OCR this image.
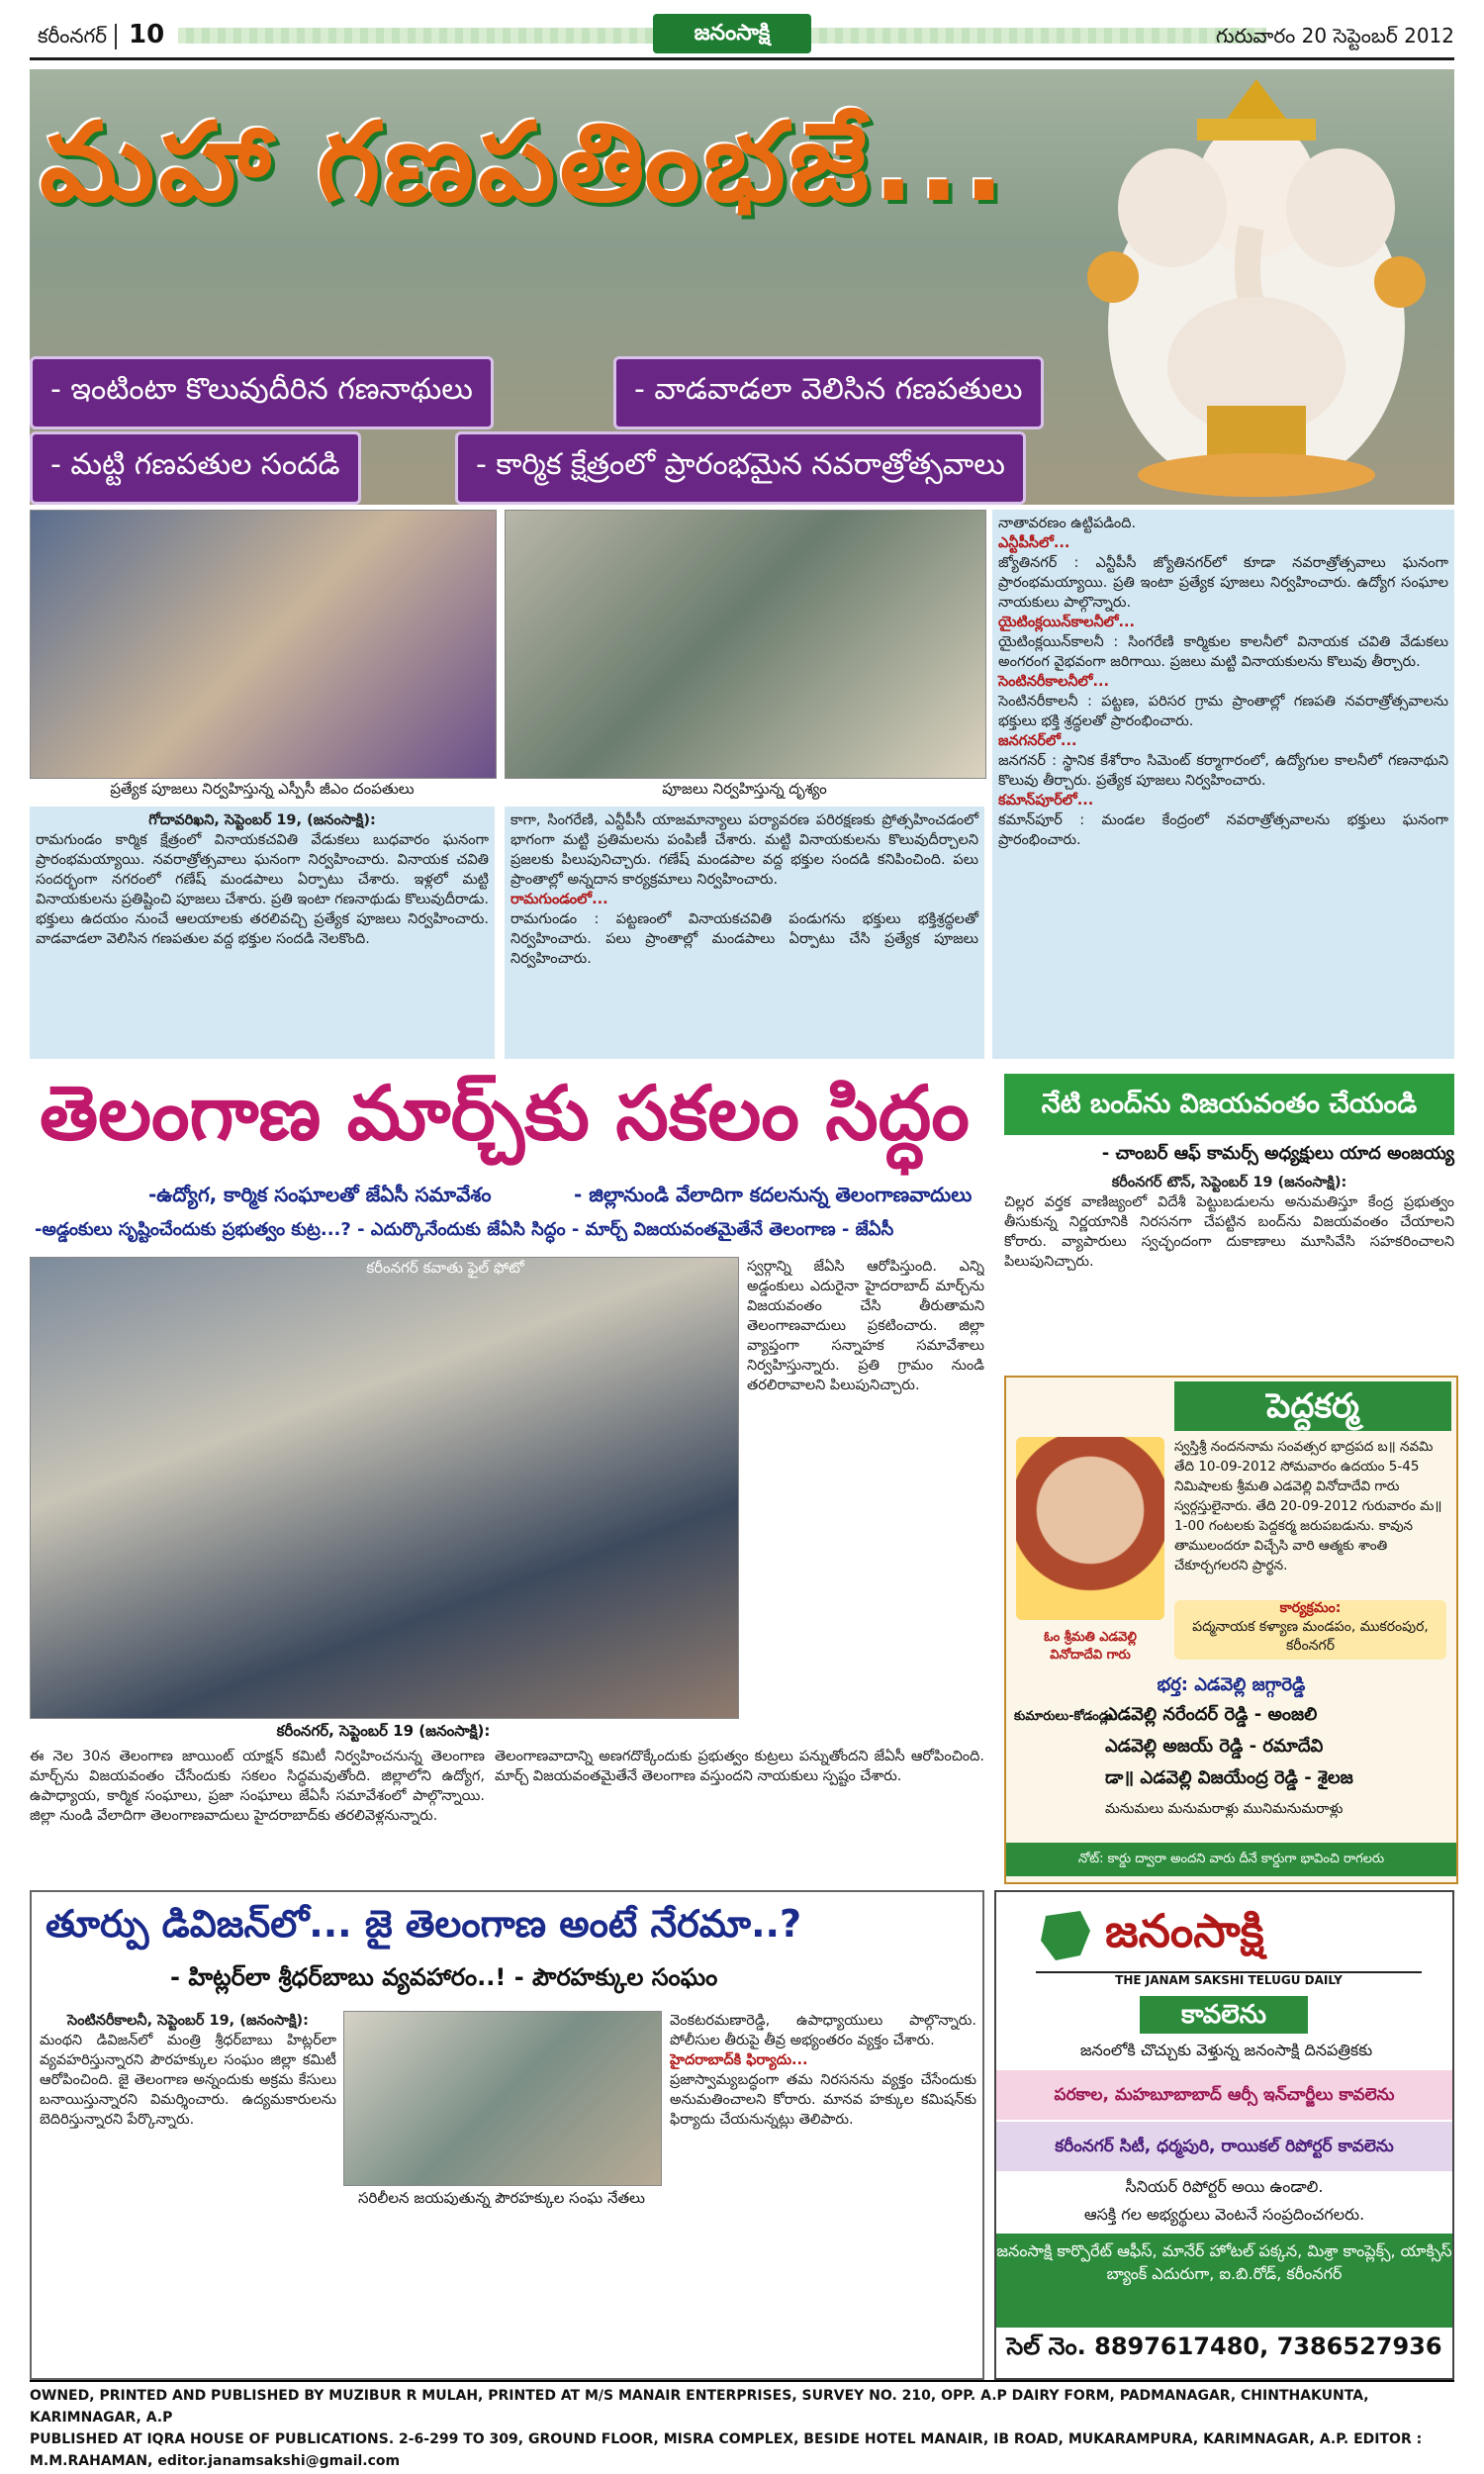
కరీంనగర్ 10	జనంసాక్షి	గురువారం 20 సెప్టెంబర్ 2012
మహా గణపతింభజే...
- ఇంటింటా కొలువుదీరిన గణనాథులు	- వాడవాడలా వెలిసిన గణపతులు
- మట్టి గణపతుల సందడి	- కార్మిక క్షేత్రంలో ప్రారంభమైన నవరాత్రోత్సవాలు
ప్రత్యేక పూజలు నిర్వహిస్తున్న ఎస్పీసీ జీఎం దంపతులు	పూజలు నిర్వహిస్తున్న దృశ్యం
గోదావరిఖని, సెప్టెంబర్ 19, (జనంసాక్షి):
రామగుండం కార్మిక క్షేత్రంలో వినాయకచవితి వేడుకలు బుధవారం ఘనంగా ప్రారంభమయ్యాయి. నవరాత్రోత్సవాలు ఘనంగా నిర్వహించారు. వినాయక చవితి సందర్భంగా నగరంలో గణేష్ మండపాలు ఏర్పాటు చేశారు. ఇళ్లలో మట్టి వినాయకులను ప్రతిష్టించి పూజలు చేశారు. ప్రతి ఇంటా గణనాథుడు కొలువుదీరాడు. భక్తులు ఉదయం నుంచే ఆలయాలకు తరలివచ్చి ప్రత్యేక పూజలు నిర్వహించారు. వాడవాడలా వెలిసిన గణపతుల వద్ద భక్తుల సందడి నెలకొంది.
కాగా, సింగరేణి, ఎన్టీపీసీ యాజమాన్యాలు పర్యావరణ పరిరక్షణకు ప్రోత్సహించడంలో భాగంగా మట్టి ప్రతిమలను పంపిణీ చేశారు. మట్టి వినాయకులను కొలువుదీర్చాలని ప్రజలకు పిలుపునిచ్చారు. గణేష్ మండపాల వద్ద భక్తుల సందడి కనిపించింది. పలు ప్రాంతాల్లో అన్నదాన కార్యక్రమాలు నిర్వహించారు.
రామగుండంలో...
రామగుండం : పట్టణంలో వినాయకచవితి పండుగను భక్తులు భక్తిశ్రద్ధలతో నిర్వహించారు. పలు ప్రాంతాల్లో మండపాలు ఏర్పాటు చేసి ప్రత్యేక పూజలు నిర్వహించారు.
నాతావరణం ఉట్టిపడింది.
ఎన్టీపీసీలో...
జ్యోతినగర్ : ఎన్టీపీసీ జ్యోతినగర్‌లో కూడా నవరాత్రోత్సవాలు ఘనంగా ప్రారంభమయ్యాయి. ప్రతి ఇంటా ప్రత్యేక పూజలు నిర్వహించారు. ఉద్యోగ సంఘాల నాయకులు పాల్గొన్నారు.
యైటింక్లయిన్‌కాలనీలో...
యైటింక్లయిన్‌కాలనీ : సింగరేణి కార్మికుల కాలనీలో వినాయక చవితి వేడుకలు అంగరంగ వైభవంగా జరిగాయి. ప్రజలు మట్టి వినాయకులను కొలువు తీర్చారు.
సెంటినరీకాలనీలో...
సెంటినరీకాలనీ : పట్టణ, పరిసర గ్రామ ప్రాంతాల్లో గణపతి నవరాత్రోత్సవాలను భక్తులు భక్తి శ్రద్ధలతో ప్రారంభించారు.
జనగనర్‌లో...
జనగనర్ : స్థానిక కేశోరాం సిమెంట్ కర్మాగారంలో, ఉద్యోగుల కాలనీలో గణనాథుని కొలువు తీర్చారు. ప్రత్యేక పూజలు నిర్వహించారు.
కమాన్‌పూర్‌లో...
కమాన్‌పూర్ : మండల కేంద్రంలో నవరాత్రోత్సవాలను భక్తులు ఘనంగా ప్రారంభించారు.
తెలంగాణ మార్చ్‌కు సకలం సిద్ధం
-ఉద్యోగ, కార్మిక సంఘాలతో జేఏసీ సమావేశం	- జిల్లానుండి వేలాదిగా కదలనున్న తెలంగాణవాదులు
-అడ్డంకులు సృష్టించేందుకు ప్రభుత్వం కుట్ర...? - ఎదుర్కొనేందుకు జేఏసి సిద్ధం - మార్చ్ విజయవంతమైతేనే తెలంగాణ - జేఏసీ
కరీంనగర్ కవాతు ఫైల్ ఫోటో	స్వర్గాన్ని జేఏసి ఆరోపిస్తుంది. ఎన్ని అడ్డంకులు ఎదురైనా హైదరాబాద్ మార్చ్‌ను విజయవంతం చేసి తీరుతామని తెలంగాణవాదులు ప్రకటించారు. జిల్లా వ్యాప్తంగా సన్నాహక సమావేశాలు నిర్వహిస్తున్నారు. ప్రతి గ్రామం నుండి తరలిరావాలని పిలుపునిచ్చారు.
కరీంనగర్, సెప్టెంబర్ 19 (జనంసాక్షి):
ఈ నెల 30న తెలంగాణ జాయింట్ యాక్షన్ కమిటీ నిర్వహించనున్న తెలంగాణ మార్చ్‌ను విజయవంతం చేసేందుకు సకలం సిద్ధమవుతోంది. జిల్లాలోని ఉద్యోగ, ఉపాధ్యాయ, కార్మిక సంఘాలు, ప్రజా సంఘాలు జేఏసీ సమావేశంలో పాల్గొన్నాయి. జిల్లా నుండి వేలాదిగా తెలంగాణవాదులు హైదరాబాద్‌కు తరలివెళ్లనున్నారు.
తెలంగాణవాదాన్ని అణగదొక్కేందుకు ప్రభుత్వం కుట్రలు పన్నుతోందని జేఏసీ ఆరోపించింది. మార్చ్ విజయవంతమైతేనే తెలంగాణ వస్తుందని నాయకులు స్పష్టం చేశారు.
నేటి బంద్‌ను విజయవంతం చేయండి
- చాంబర్ ఆఫ్ కామర్స్ అధ్యక్షులు యాద అంజయ్య
కరీంనగర్ టౌన్, సెప్టెంబర్ 19 (జనంసాక్షి):
చిల్లర వర్తక వాణిజ్యంలో విదేశీ పెట్టుబడులను అనుమతిస్తూ కేంద్ర ప్రభుత్వం తీసుకున్న నిర్ణయానికి నిరసనగా చేపట్టిన బంద్‌ను విజయవంతం చేయాలని కోరారు. వ్యాపారులు స్వచ్ఛందంగా దుకాణాలు మూసివేసి సహకరించాలని పిలుపునిచ్చారు.
పెద్దకర్మ
స్వస్తిశ్రీ నందననామ సంవత్సర భాద్రపద బ॥ నవమి తేది 10-09-2012 సోమవారం ఉదయం 5-45 నిమిషాలకు శ్రీమతి ఎడవెల్లి వినోదాదేవి గారు స్వర్గస్తులైనారు. తేది 20-09-2012 గురువారం మ॥ 1-00 గంటలకు పెద్దకర్మ జరుపబడును. కావున తాములందరూ విచ్చేసి వారి ఆత్మకు శాంతి చేకూర్చగలరని ప్రార్థన.
కార్యక్రమం:
పద్మనాయక కళ్యాణ మండపం, ముకరంపుర, కరీంనగర్
ఓం శ్రీమతి ఎడవెల్లి వినోదాదేవి గారు
భర్త: ఎడవెల్లి జగ్గారెడ్డి
కుమారులు-కోడండ్లు:
ఎడవెల్లి నరేందర్ రెడ్డి - అంజలి
ఎడవెల్లి అజయ్ రెడ్డి - రమాదేవి
డా॥ ఎడవెల్లి విజయేంద్ర రెడ్డి - శైలజ
మనుమలు మనుమరాళ్లు మునిమనుమరాళ్లు
నోట్: కార్డు ద్వారా అందని వారు దీనే కార్డుగా భావించి రాగలరు
తూర్పు డివిజన్‌లో... జై తెలంగాణ అంటే నేరమా..?
- హిట్లర్‌లా శ్రీధర్‌బాబు వ్యవహారం..! - పౌరహక్కుల సంఘం
సెంటినరీకాలనీ, సెప్టెంబర్ 19, (జనంసాక్షి):
మంథని డివిజన్‌లో మంత్రి శ్రీధర్‌బాబు హిట్లర్‌లా వ్యవహరిస్తున్నారని పౌరహక్కుల సంఘం జిల్లా కమిటీ ఆరోపించింది. జై తెలంగాణ అన్నందుకు అక్రమ కేసులు బనాయిస్తున్నారని విమర్శించారు. ఉద్యమకారులను బెదిరిస్తున్నారని పేర్కొన్నారు.
సరిలీలన జయపుతున్న పౌరహక్కుల సంఘ నేతలు
వెంకటరమణారెడ్డి, ఉపాధ్యాయులు పాల్గొన్నారు. పోలీసుల తీరుపై తీవ్ర అభ్యంతరం వ్యక్తం చేశారు.
హైదరాబాద్‌కి ఫిర్యాదు...
ప్రజాస్వామ్యబద్ధంగా తమ నిరసనను వ్యక్తం చేసేందుకు అనుమతించాలని కోరారు. మానవ హక్కుల కమిషన్‌కు ఫిర్యాదు చేయనున్నట్లు తెలిపారు.
జనంసాక్షి
THE JANAM SAKSHI TELUGU DAILY
కావలెను
జనంలోకి చొచ్చుకు వెళ్తున్న జనంసాక్షి దినపత్రికకు
పరకాల, మహబూబాబాద్ ఆర్సీ ఇన్‌చార్జీలు కావలెను
కరీంనగర్ సిటీ, ధర్మపురి, రాయికల్ రిపోర్టర్ కావలెను
సీనియర్ రిపోర్టర్ అయి ఉండాలి.
ఆసక్తి గల అభ్యర్థులు వెంటనే సంప్రదించగలరు.
జనంసాక్షి కార్పొరేట్ ఆఫీస్, మానేర్ హోటల్ పక్కన, మిశ్రా కాంప్లెక్స్, యాక్సిస్ బ్యాంక్ ఎదురుగా, ఐ.బి.రోడ్, కరీంనగర్
సెల్ నెం. 8897617480, 7386527936
OWNED, PRINTED AND PUBLISHED BY MUZIBUR R MULAH, PRINTED AT M/S MANAIR ENTERPRISES, SURVEY NO. 210, OPP. A.P DAIRY FORM, PADMANAGAR, CHINTHAKUNTA, KARIMNAGAR, A.P
PUBLISHED AT IQRA HOUSE OF PUBLICATIONS. 2-6-299 TO 309, GROUND FLOOR, MISRA COMPLEX, BESIDE HOTEL MANAIR, IB ROAD, MUKARAMPURA, KARIMNAGAR, A.P. EDITOR : M.M.RAHAMAN, editor.janamsakshi@gmail.com
